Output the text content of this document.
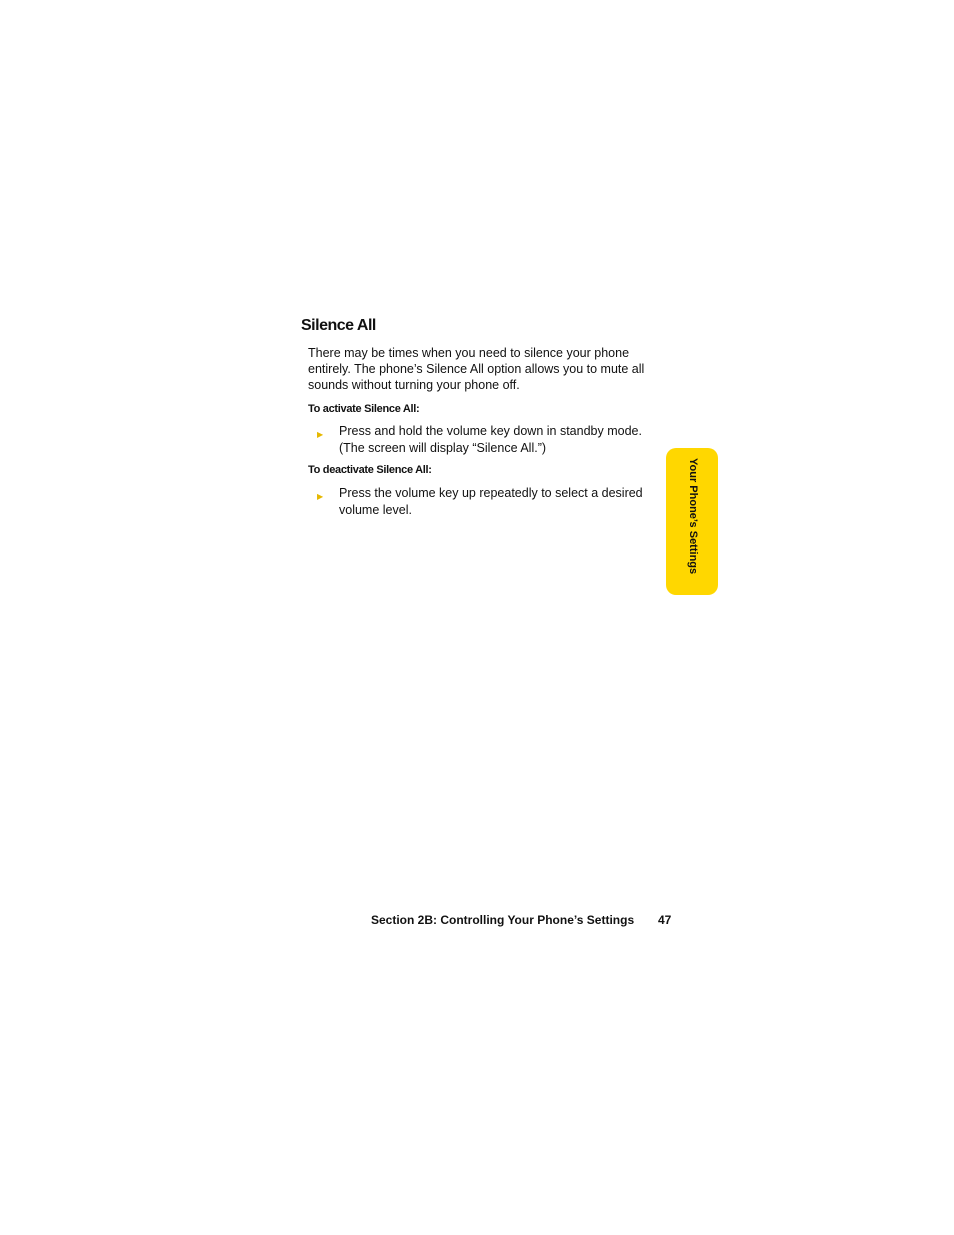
Silence All

There may be times when you need to silence your phone entirely. The phone’s Silence All option allows you to mute all sounds without turning your phone off.

To activate Silence All:

▶	Press and hold the volume key down in standby mode. (The screen will display “Silence All.”)

To deactivate Silence All:

▶	Press the volume key up repeatedly to select a desired volume level.	Your Phone’s Settings
Section 2B: Controlling Your Phone’s Settings 47
